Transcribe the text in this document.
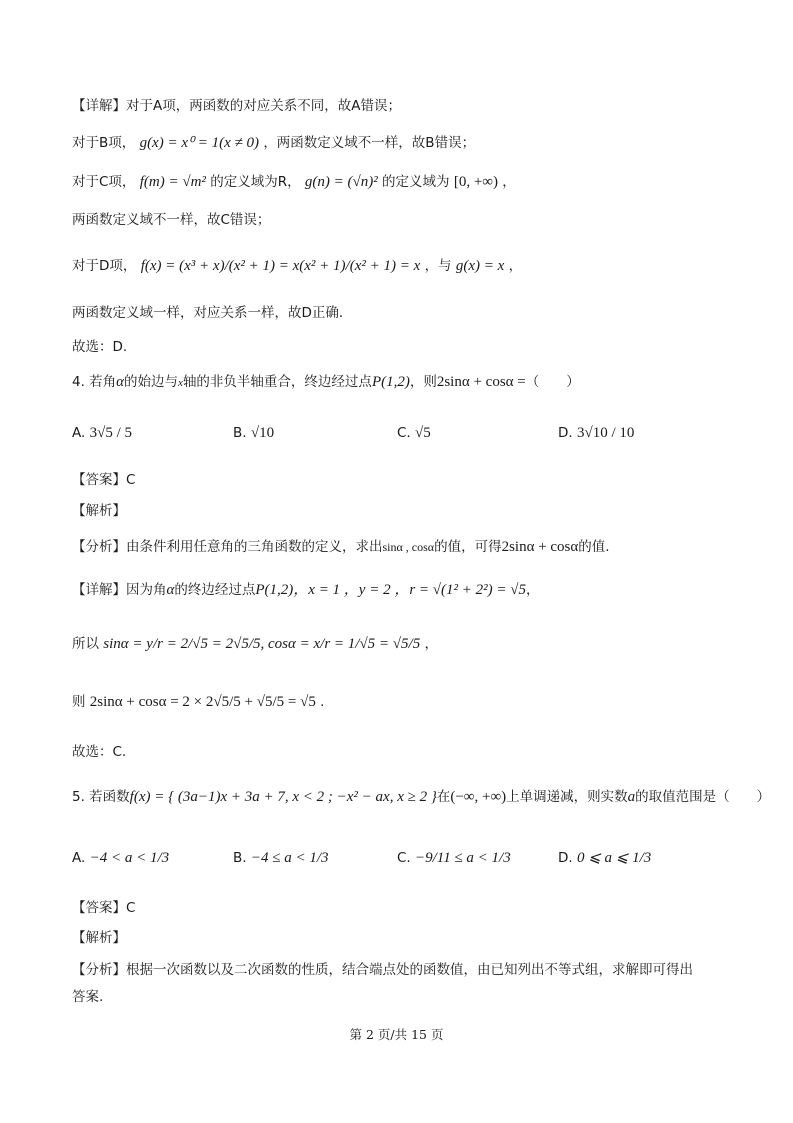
【详解】对于A项，两函数的对应关系不同，故A错误；
对于B项， g(x) = x⁰ = 1(x ≠ 0) ，两函数定义域不一样，故B错误；
对于C项， f(m) = √m² 的定义域为R， g(n) = (√n)² 的定义域为 [0, +∞) ，
两函数定义域不一样，故C错误；
对于D项， f(x) = (x³ + x)/(x² + 1) = x(x² + 1)/(x² + 1) = x ，与 g(x) = x ，
两函数定义域一样，对应关系一样，故D正确.
故选：D.
4. 若角α的始边与x轴的非负半轴重合，终边经过点P(1,2)，则2sinα + cosα =（　　）
A. 3√5 / 5	B. √10	C. √5	D. 3√10 / 10
【答案】C
【解析】
【分析】由条件利用任意角的三角函数的定义，求出sinα , cosα的值，可得2sinα + cosα的值.
【详解】因为角α的终边经过点P(1,2)，x = 1 ，y = 2 ，r = √(1² + 2²) = √5，
所以 sinα = y/r = 2/√5 = 2√5/5, cosα = x/r = 1/√5 = √5/5 ，
则 2sinα + cosα = 2 × 2√5/5 + √5/5 = √5 .
故选：C.
5. 若函数f(x) = { (3a−1)x + 3a + 7, x < 2 ; −x² − ax, x ≥ 2 }在(−∞, +∞)上单调递减，则实数a的取值范围是（　　）
A. −4 < a < 1/3	B. −4 ≤ a < 1/3	C. −9/11 ≤ a < 1/3	D. 0 ⩽ a ⩽ 1/3
【答案】C
【解析】
【分析】根据一次函数以及二次函数的性质，结合端点处的函数值，由已知列出不等式组，求解即可得出
答案.
第 2 页/共 15 页
